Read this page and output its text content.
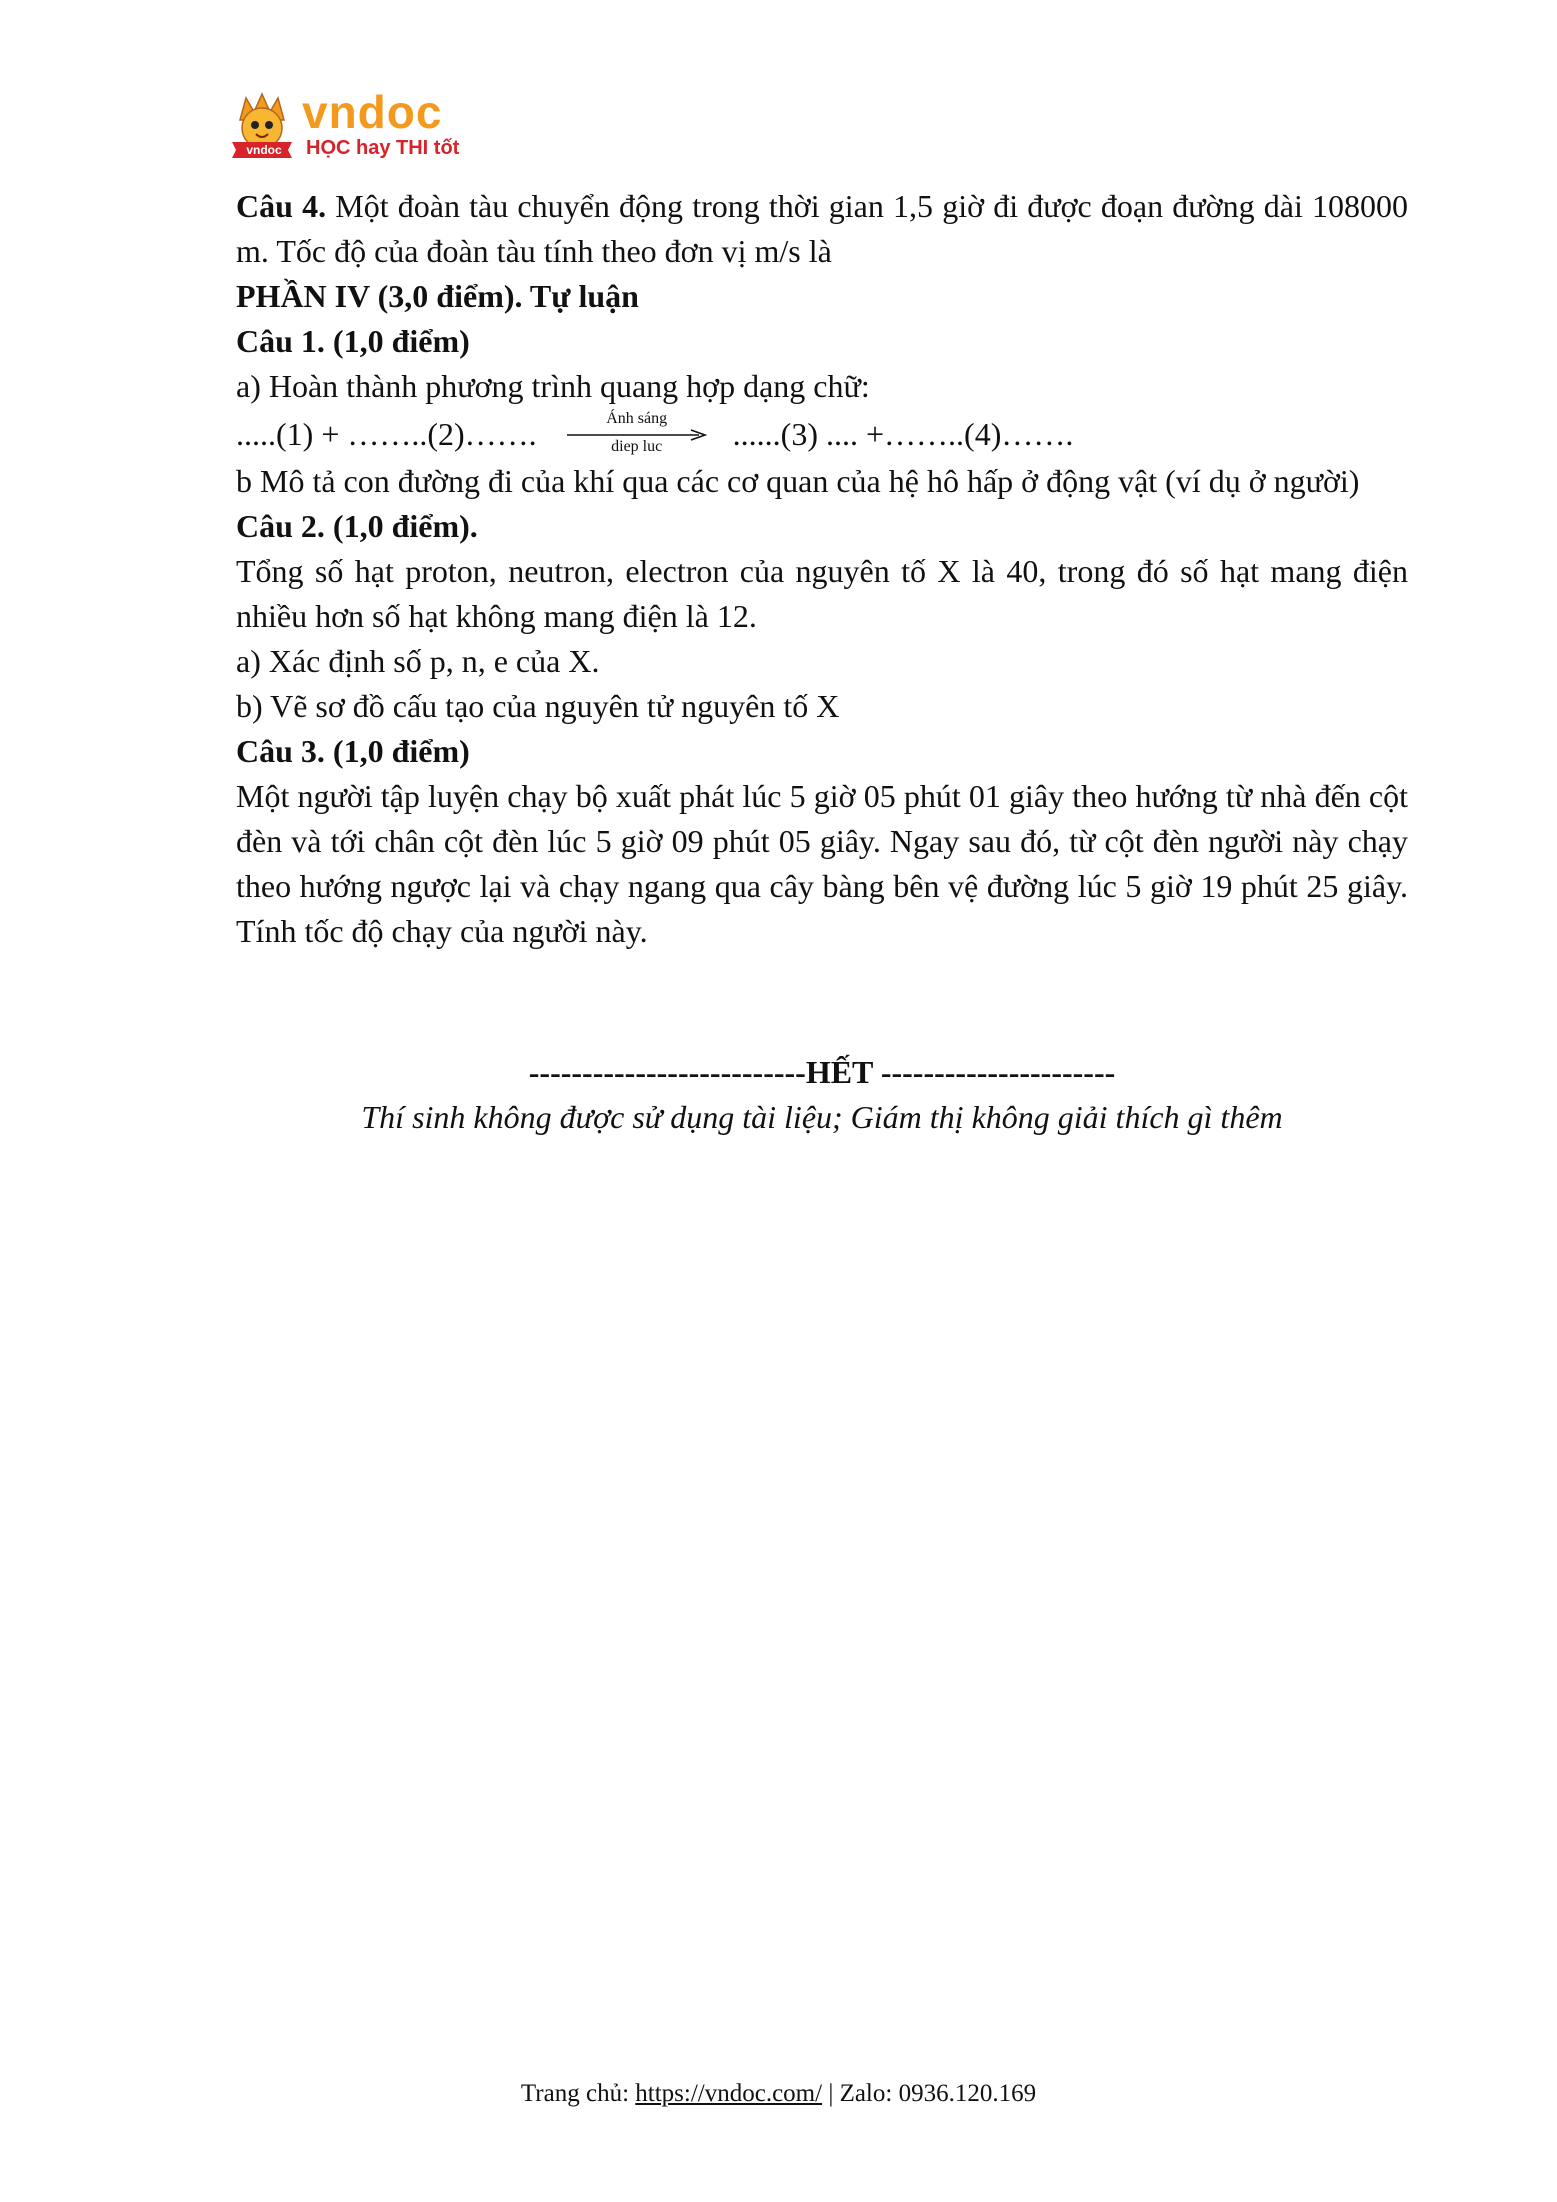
vndoc
vndoc
HỌC hay THI tốt

Câu 4. Một đoàn tàu chuyển động trong thời gian 1,5 giờ đi được đoạn đường dài 108000 m. Tốc độ của đoàn tàu tính theo đơn vị m/s là

PHẦN IV (3,0 điểm). Tự luận

Câu 1. (1,0 điểm)

a) Hoàn thành phương trình quang hợp dạng chữ:

.....(1) + ……..(2)…….	Ánh sáng
diep luc	......(3) .... +……..(4)…….

b Mô tả con đường đi của khí qua các cơ quan của hệ hô hấp ở động vật (ví dụ ở người)

Câu 2. (1,0 điểm).

Tổng số hạt proton, neutron, electron của nguyên tố X là 40, trong đó số hạt mang điện nhiều hơn số hạt không mang điện là 12.

a) Xác định số p, n, e của X.

b) Vẽ sơ đồ cấu tạo của nguyên tử nguyên tố X

Câu 3. (1,0 điểm)

Một người tập luyện chạy bộ xuất phát lúc 5 giờ 05 phút 01 giây theo hướng từ nhà đến cột đèn và tới chân cột đèn lúc 5 giờ 09 phút 05 giây. Ngay sau đó, từ cột đèn người này chạy theo hướng ngược lại và chạy ngang qua cây bàng bên vệ đường lúc 5 giờ 19 phút 25 giây. Tính tốc độ chạy của người này.

--------------------------HẾT ----------------------
Thí sinh không được sử dụng tài liệu; Giám thị không giải thích gì thêm
Trang chủ: https://vndoc.com/ | Zalo: 0936.120.169
